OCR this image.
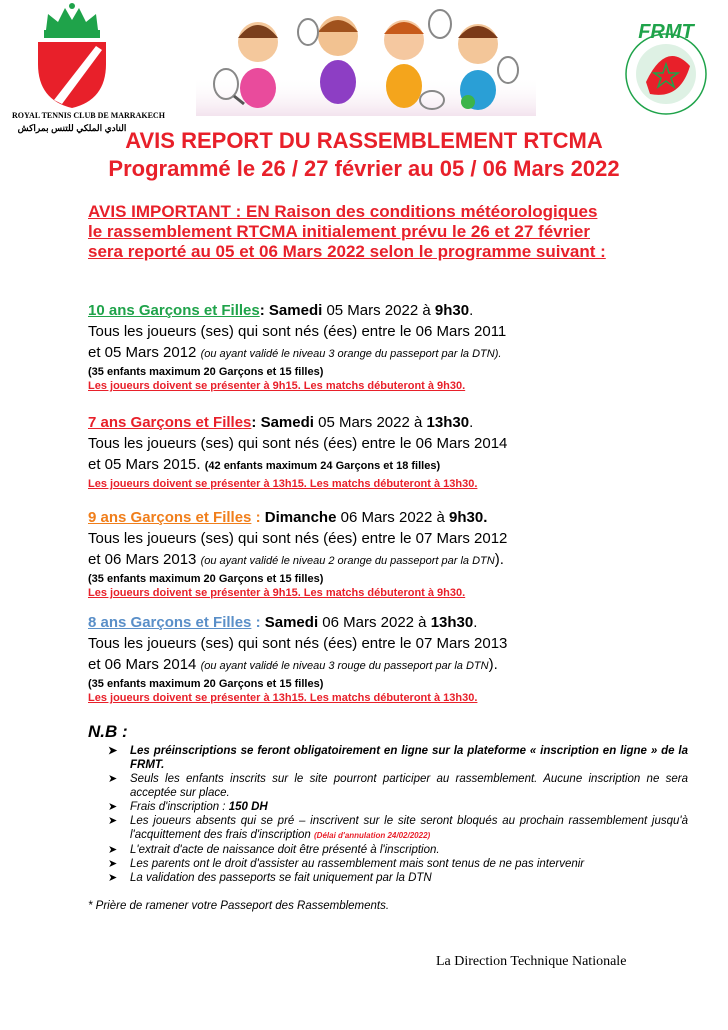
ROYAL TENNIS CLUB DE MARRAKECH
النادي الملكي للتنس بمراكش
FRMT
AVIS REPORT DU RASSEMBLEMENT RTCMA
Programmé le 26 / 27 février au 05 / 06 Mars 2022
AVIS IMPORTANT : EN Raison des conditions météorologiques
le rassemblement RTCMA initialement prévu le 26 et 27 février
sera reporté au 05 et 06 Mars 2022 selon le programme suivant :
10 ans Garçons et Filles: Samedi 05 Mars 2022 à 9h30.
Tous les joueurs (ses) qui sont nés (ées) entre le 06 Mars 2011
et 05 Mars 2012 (ou ayant validé le niveau 3 orange du passeport par la DTN).
(35 enfants maximum 20 Garçons et 15 filles)
Les joueurs doivent se présenter à 9h15. Les matchs débuteront à 9h30.
7 ans Garçons et Filles: Samedi 05 Mars 2022 à 13h30.
Tous les joueurs (ses) qui sont nés (ées) entre le 06 Mars 2014
et 05 Mars 2015. (42 enfants maximum 24 Garçons et 18 filles)
Les joueurs doivent se présenter à 13h15. Les matchs débuteront à 13h30.
9 ans Garçons et Filles : Dimanche 06 Mars 2022 à 9h30.
Tous les joueurs (ses) qui sont nés (ées) entre le 07 Mars 2012
et 06 Mars 2013 (ou ayant validé le niveau 2 orange du passeport par la DTN).
(35 enfants maximum 20 Garçons et 15 filles)
Les joueurs doivent se présenter à 9h15. Les matchs débuteront à 9h30.
8 ans Garçons et Filles : Samedi 06 Mars 2022 à 13h30.
Tous les joueurs (ses) qui sont nés (ées) entre le 07 Mars 2013
et 06 Mars 2014 (ou ayant validé le niveau 3 rouge du passeport par la DTN).
(35 enfants maximum 20 Garçons et 15 filles)
Les joueurs doivent se présenter à 13h15. Les matchs débuteront à 13h30.
N.B :
➤ Les préinscriptions se feront obligatoirement en ligne sur la plateforme « inscription en ligne » de la FRMT.
➤ Seuls les enfants inscrits sur le site pourront participer au rassemblement. Aucune inscription ne sera acceptée sur place.
➤ Frais d'inscription : 150 DH
➤ Les joueurs absents qui se pré – inscrivent sur le site seront bloqués au prochain rassemblement jusqu'à l'acquittement des frais d'inscription (Délai d'annulation 24/02/2022)
➤ L'extrait d'acte de naissance doit être présenté à l'inscription.
➤ Les parents ont le droit d'assister au rassemblement mais sont tenus de ne pas intervenir
➤ La validation des passeports se fait uniquement par la DTN
* Prière de ramener votre Passeport des Rassemblements.
La Direction Technique Nationale
